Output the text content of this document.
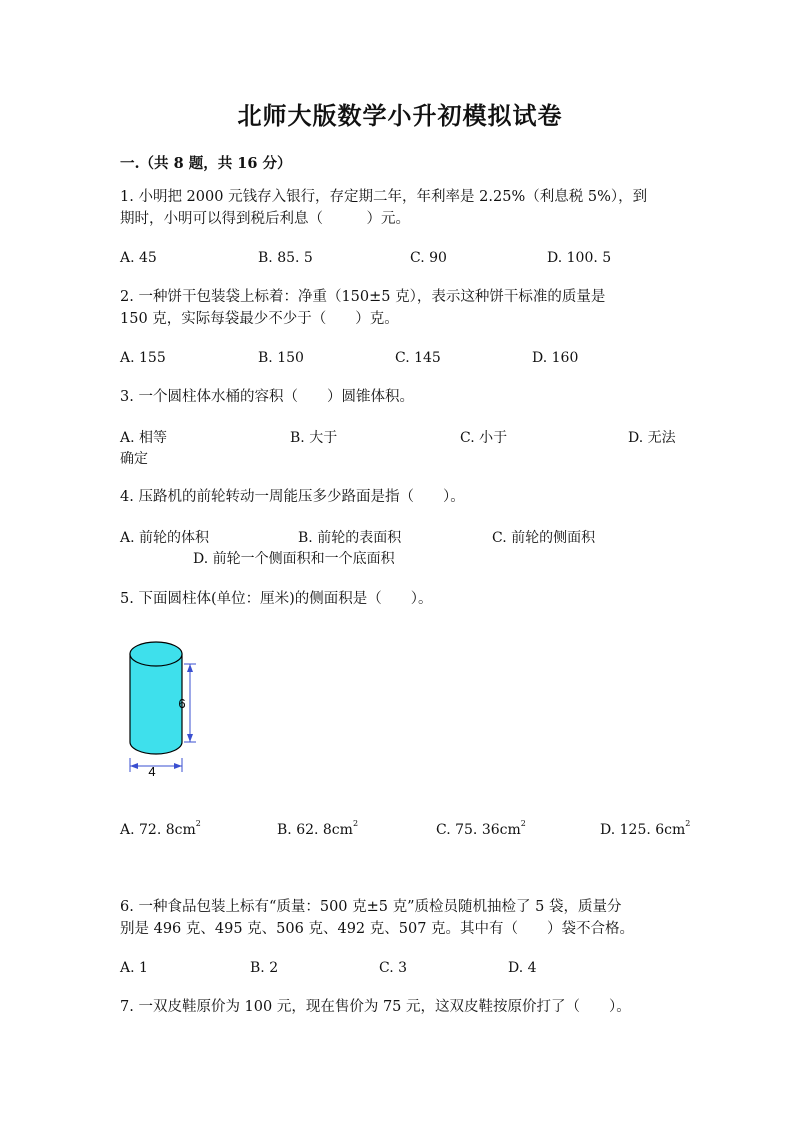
北师大版数学小升初模拟试卷
一.（共 8 题，共 16 分）
1. 小明把 2000 元钱存入银行，存定期二年，年利率是 2.25%（利息税 5%），到
期时，小明可以得到税后利息（　　　）元。
A. 45	B. 85. 5	C. 90	D. 100. 5
2. 一种饼干包装袋上标着：净重（150±5 克），表示这种饼干标准的质量是
150 克，实际每袋最少不少于（　　）克。
A. 155	B. 150	C. 145	D. 160
3. 一个圆柱体水桶的容积（　　）圆锥体积。
A. 相等	B. 大于	C. 小于	D. 无法
确定
4. 压路机的前轮转动一周能压多少路面是指（　　）。
A. 前轮的体积	B. 前轮的表面积	C. 前轮的侧面积
D. 前轮一个侧面积和一个底面积
5. 下面圆柱体(单位：厘米)的侧面积是（　　）。
6
4
A. 72. $8cm^2$	B. 62. $8cm^2$	C. 75. $36cm^2$	D. 125. $6cm^2$
6. 一种食品包装上标有“质量：500 克±5 克”质检员随机抽检了 5 袋，质量分
别是 496 克、495 克、506 克、492 克、507 克。其中有（　　）袋不合格。
A. 1	B. 2	C. 3	D. 4
7. 一双皮鞋原价为 100 元，现在售价为 75 元，这双皮鞋按原价打了（　　）。
